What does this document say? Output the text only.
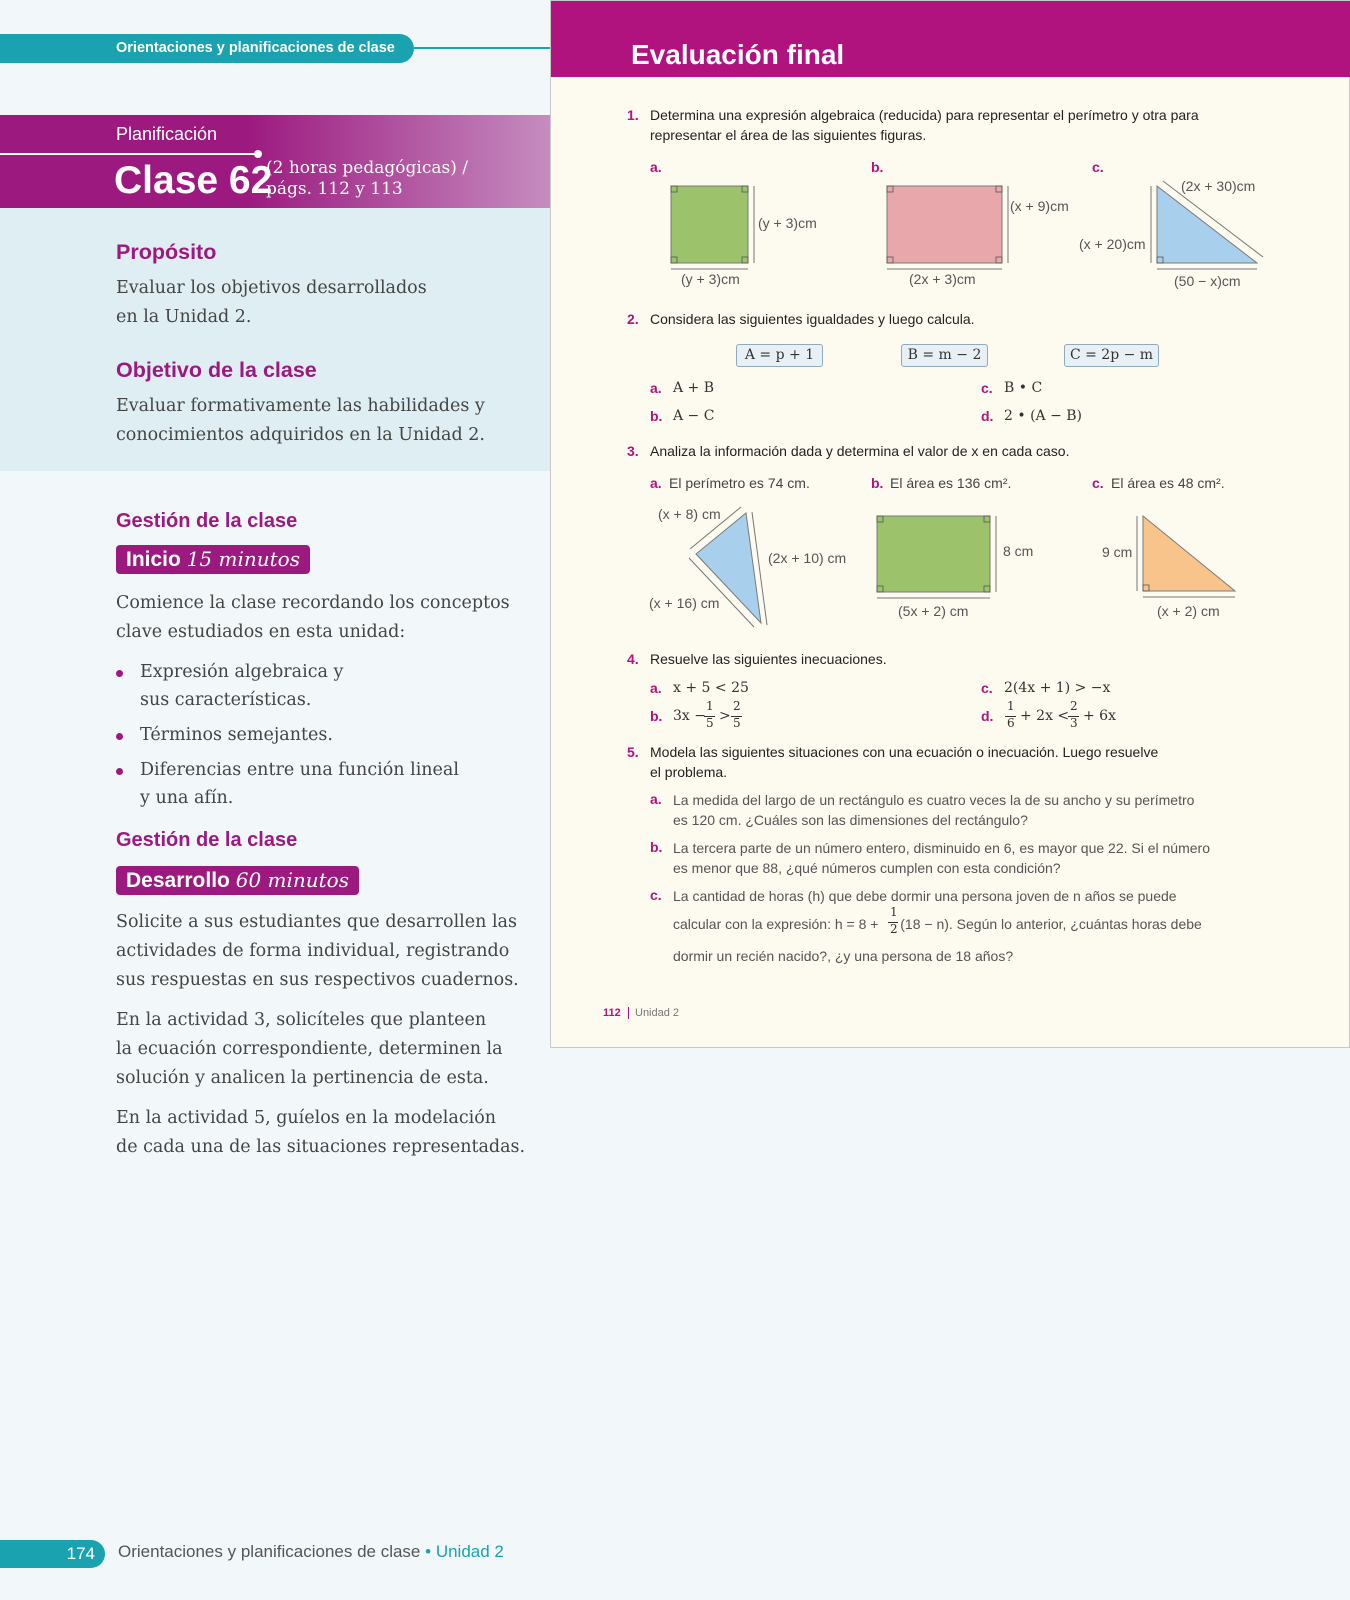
Orientaciones y planificaciones de clase
Planificación
Clase 62
(2 horas pedagógicas) /
págs. 112 y 113
Propósito
Evaluar los objetivos desarrollados
en la Unidad 2.
Objetivo de la clase
Evaluar formativamente las habilidades y
conocimientos adquiridos en la Unidad 2.
Gestión de la clase
Inicio 15 minutos
Comience la clase recordando los conceptos
clave estudiados en esta unidad:
Expresión algebraica y
sus características.
Términos semejantes.
Diferencias entre una función lineal
y una afín.
Gestión de la clase
Desarrollo 60 minutos
Solicite a sus estudiantes que desarrollen las
actividades de forma individual, registrando
sus respuestas en sus respectivos cuadernos.
En la actividad 3, solicíteles que planteen
la ecuación correspondiente, determinen la
solución y analicen la pertinencia de esta.
En la actividad 5, guíelos en la modelación
de cada una de las situaciones representadas.
174	Orientaciones y planificaciones de clase • Unidad 2
Evaluación final
1. Determina una expresión algebraica (reducida) para representar el perímetro y otra para
representar el área de las siguientes figuras.
a.	b.	c.
(y + 3)cm
(y + 3)cm
(x + 9)cm
(2x + 3)cm
(2x + 30)cm
(x + 20)cm
(50 − x)cm
2. Considera las siguientes igualdades y luego calcula.
A = p + 1	B = m − 2	C = 2p − m
a. A + B
b. A − C
c. B • C
d. 2 • (A − B)
3. Analiza la información dada y determina el valor de x en cada caso.
a. El perímetro es 74 cm.	b. El área es 136 cm².	c. El área es 48 cm².
(x + 8) cm
(2x + 10) cm
(x + 16) cm
8 cm
(5x + 2) cm
9 cm
(x + 2) cm
4. Resuelve las siguientes inecuaciones.
a. x + 5 < 25	c. 2(4x + 1) > −x
b. 3x −
1
5 >
2
5	d.
1
6 + 2x <
2
3 + 6x
5. Modela las siguientes situaciones con una ecuación o inecuación. Luego resuelve
el problema.
a. La medida del largo de un rectángulo es cuatro veces la de su ancho y su perímetro
es 120 cm. ¿Cuáles son las dimensiones del rectángulo?
b. La tercera parte de un número entero, disminuido en 6, es mayor que 22. Si el número
es menor que 88, ¿qué números cumplen con esta condición?
c. La cantidad de horas (h) que debe dormir una persona joven de n años se puede
calcular con la expresión: h = 8 + (18 − n). Según lo anterior, ¿cuántas horas debe
1
2
dormir un recién nacido?, ¿y una persona de 18 años?
112 Unidad 2
